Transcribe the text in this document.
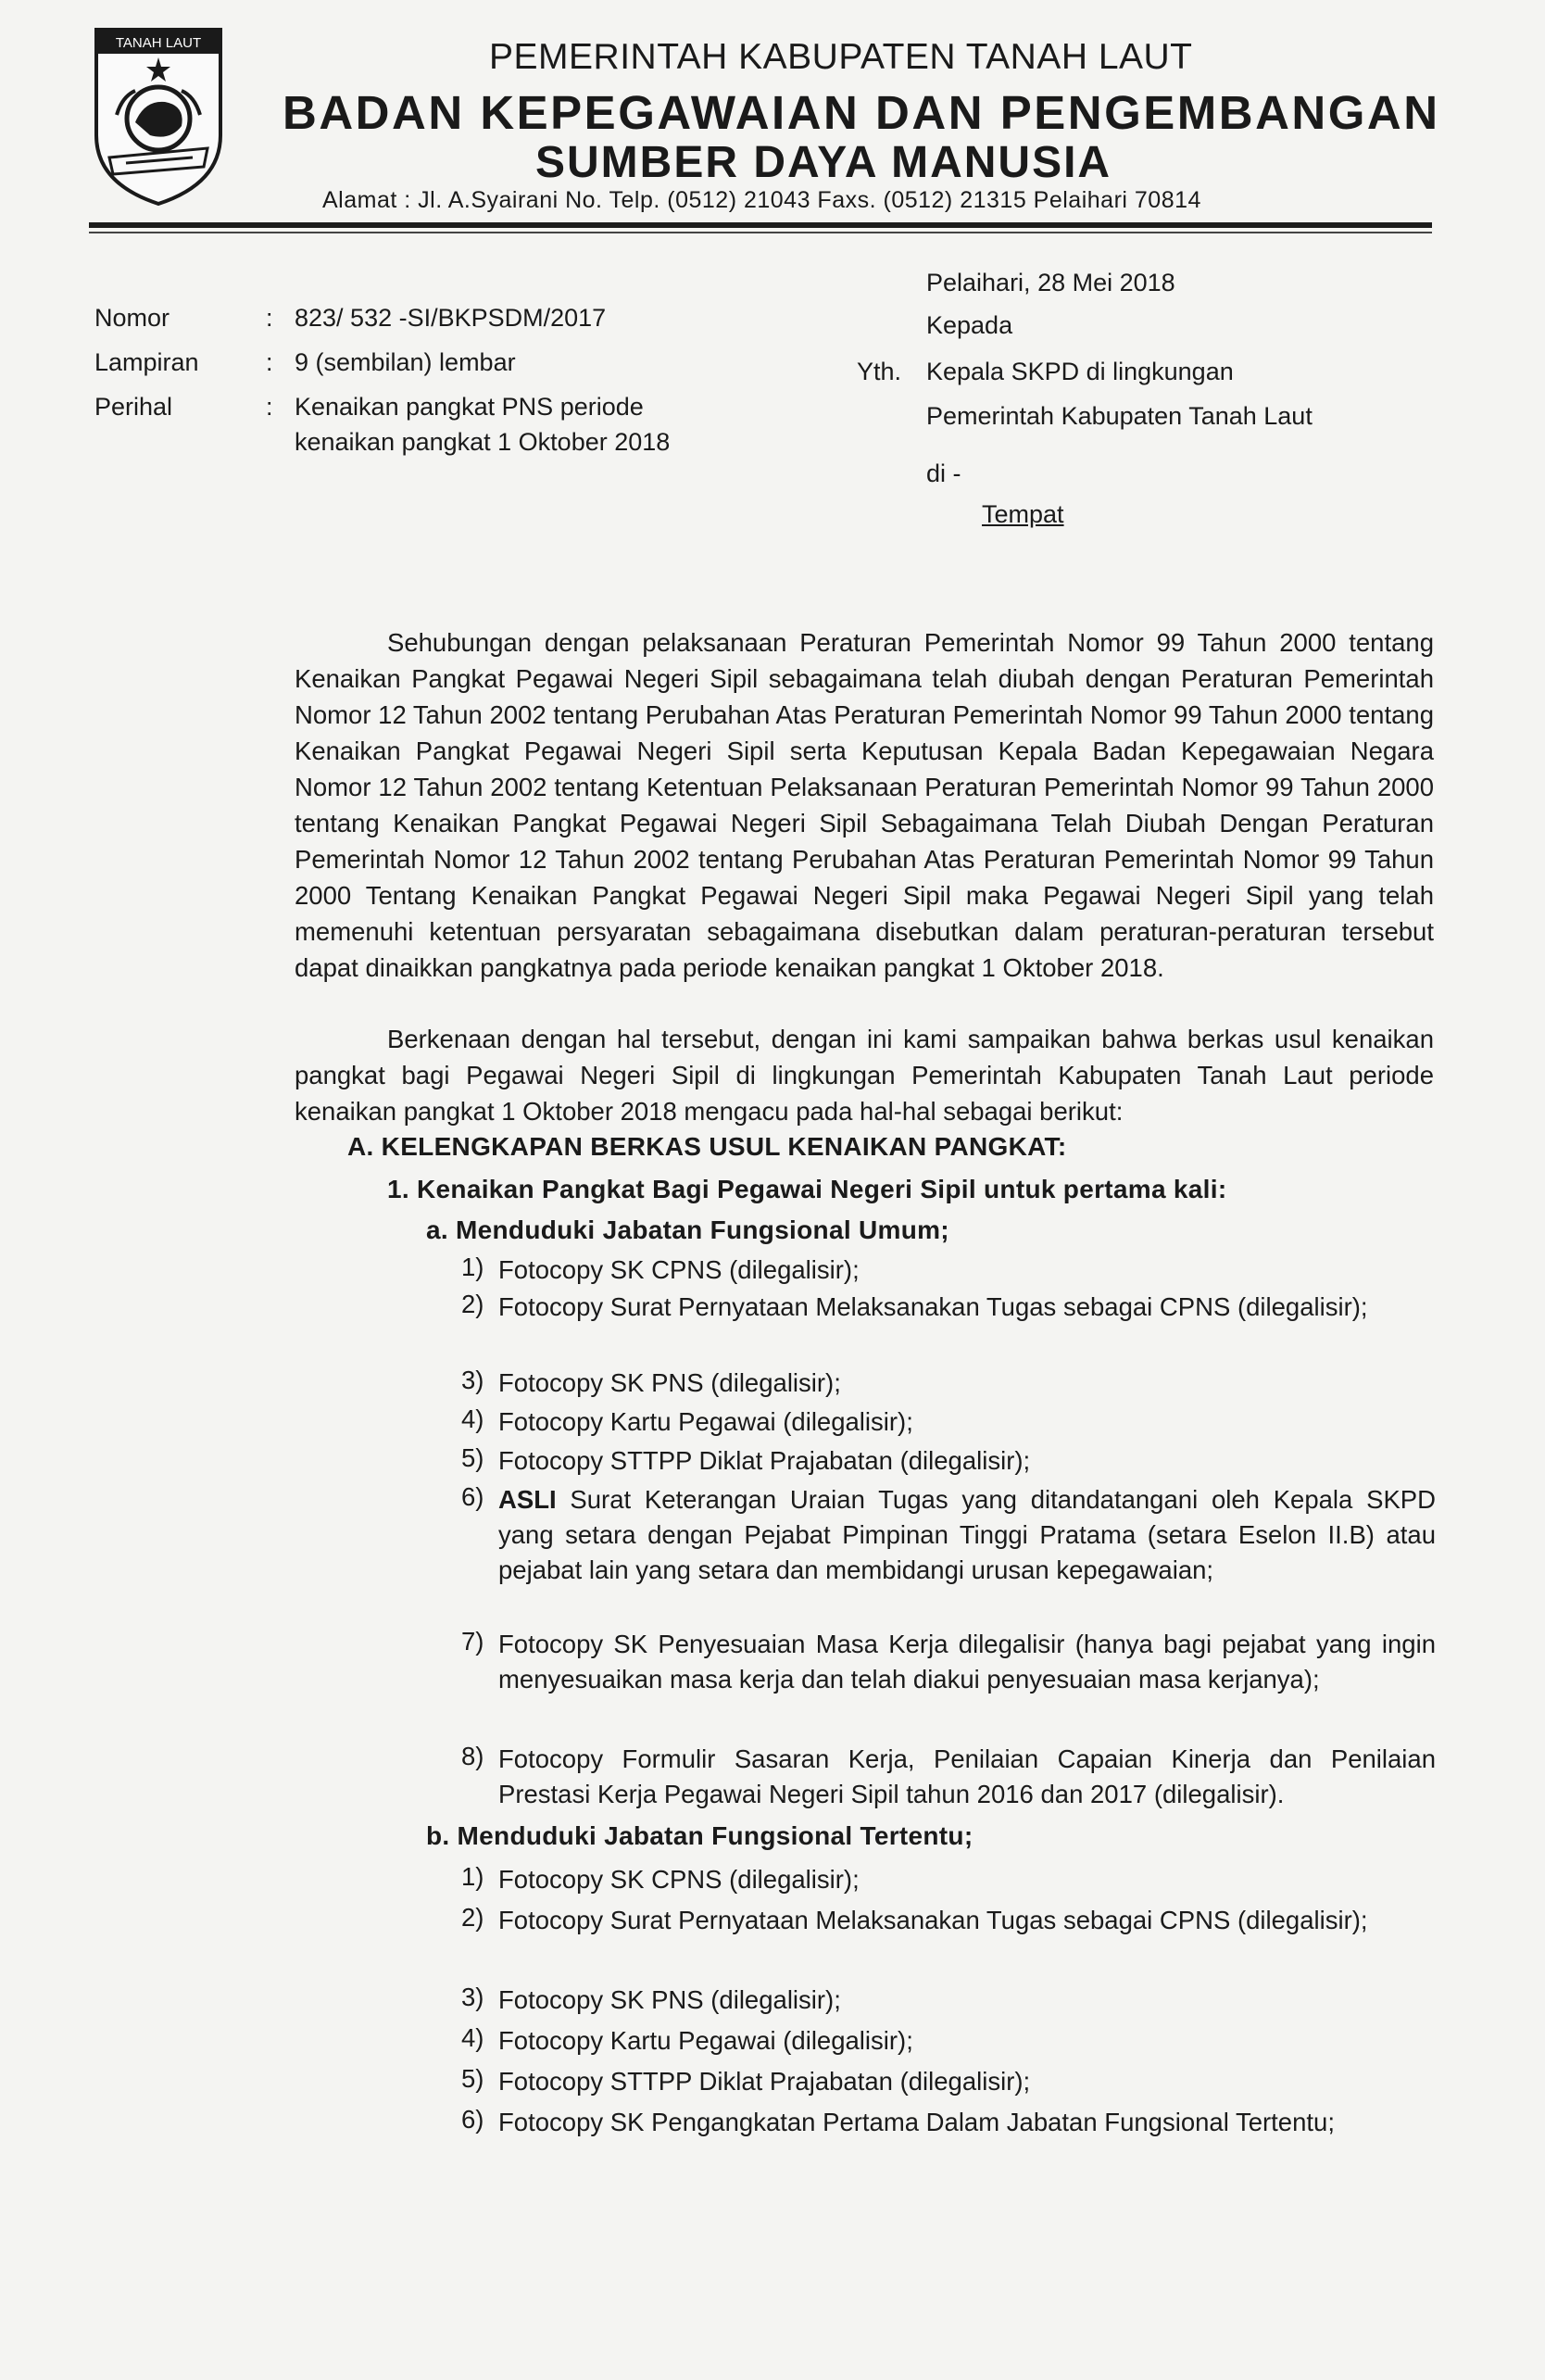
TANAH LAUT	PEMERINTAH KABUPATEN TANAH LAUT
BADAN KEPEGAWAIAN DAN PENGEMBANGAN
SUMBER DAYA MANUSIA
Alamat : Jl. A.Syairani No. Telp. (0512) 21043 Faxs. (0512) 21315 Pelaihari 70814
Nomor	: 823/ 532 -SI/BKPSDM/2017
Lampiran	: 9 (sembilan) lembar
Perihal	: Kenaikan pangkat PNS periode
kenaikan pangkat 1 Oktober 2018
Pelaihari, 28 Mei 2018
Kepada
Yth. Kepala SKPD di lingkungan
Pemerintah Kabupaten Tanah Laut
di -
Tempat
Sehubungan dengan pelaksanaan Peraturan Pemerintah Nomor 99 Tahun 2000 tentang Kenaikan Pangkat Pegawai Negeri Sipil sebagaimana telah diubah dengan Peraturan Pemerintah Nomor 12 Tahun 2002 tentang Perubahan Atas Peraturan Pemerintah Nomor 99 Tahun 2000 tentang Kenaikan Pangkat Pegawai Negeri Sipil serta Keputusan Kepala Badan Kepegawaian Negara Nomor 12 Tahun 2002 tentang Ketentuan Pelaksanaan Peraturan Pemerintah Nomor 99 Tahun 2000 tentang Kenaikan Pangkat Pegawai Negeri Sipil Sebagaimana Telah Diubah Dengan Peraturan Pemerintah Nomor 12 Tahun 2002 tentang Perubahan Atas Peraturan Pemerintah Nomor 99 Tahun 2000 Tentang Kenaikan Pangkat Pegawai Negeri Sipil maka Pegawai Negeri Sipil yang telah memenuhi ketentuan persyaratan sebagaimana disebutkan dalam peraturan-peraturan tersebut dapat dinaikkan pangkatnya pada periode kenaikan pangkat 1 Oktober 2018.
Berkenaan dengan hal tersebut, dengan ini kami sampaikan bahwa berkas usul kenaikan pangkat bagi Pegawai Negeri Sipil di lingkungan Pemerintah Kabupaten Tanah Laut periode kenaikan pangkat 1 Oktober 2018 mengacu pada hal-hal sebagai berikut:
A. KELENGKAPAN BERKAS USUL KENAIKAN PANGKAT:
1. Kenaikan Pangkat Bagi Pegawai Negeri Sipil untuk pertama kali:
a. Menduduki Jabatan Fungsional Umum;
1) Fotocopy SK CPNS (dilegalisir);
2) Fotocopy Surat Pernyataan Melaksanakan Tugas sebagai CPNS (dilegalisir);
3) Fotocopy SK PNS (dilegalisir);
4) Fotocopy Kartu Pegawai (dilegalisir);
5) Fotocopy STTPP Diklat Prajabatan (dilegalisir);
6) ASLI Surat Keterangan Uraian Tugas yang ditandatangani oleh Kepala SKPD yang setara dengan Pejabat Pimpinan Tinggi Pratama (setara Eselon II.B) atau pejabat lain yang setara dan membidangi urusan kepegawaian;
7) Fotocopy SK Penyesuaian Masa Kerja dilegalisir (hanya bagi pejabat yang ingin menyesuaikan masa kerja dan telah diakui penyesuaian masa kerjanya);
8) Fotocopy Formulir Sasaran Kerja, Penilaian Capaian Kinerja dan Penilaian Prestasi Kerja Pegawai Negeri Sipil tahun 2016 dan 2017 (dilegalisir).
b. Menduduki Jabatan Fungsional Tertentu;
1) Fotocopy SK CPNS (dilegalisir);
2) Fotocopy Surat Pernyataan Melaksanakan Tugas sebagai CPNS (dilegalisir);
3) Fotocopy SK PNS (dilegalisir);
4) Fotocopy Kartu Pegawai (dilegalisir);
5) Fotocopy STTPP Diklat Prajabatan (dilegalisir);
6) Fotocopy SK Pengangkatan Pertama Dalam Jabatan Fungsional Tertentu;
